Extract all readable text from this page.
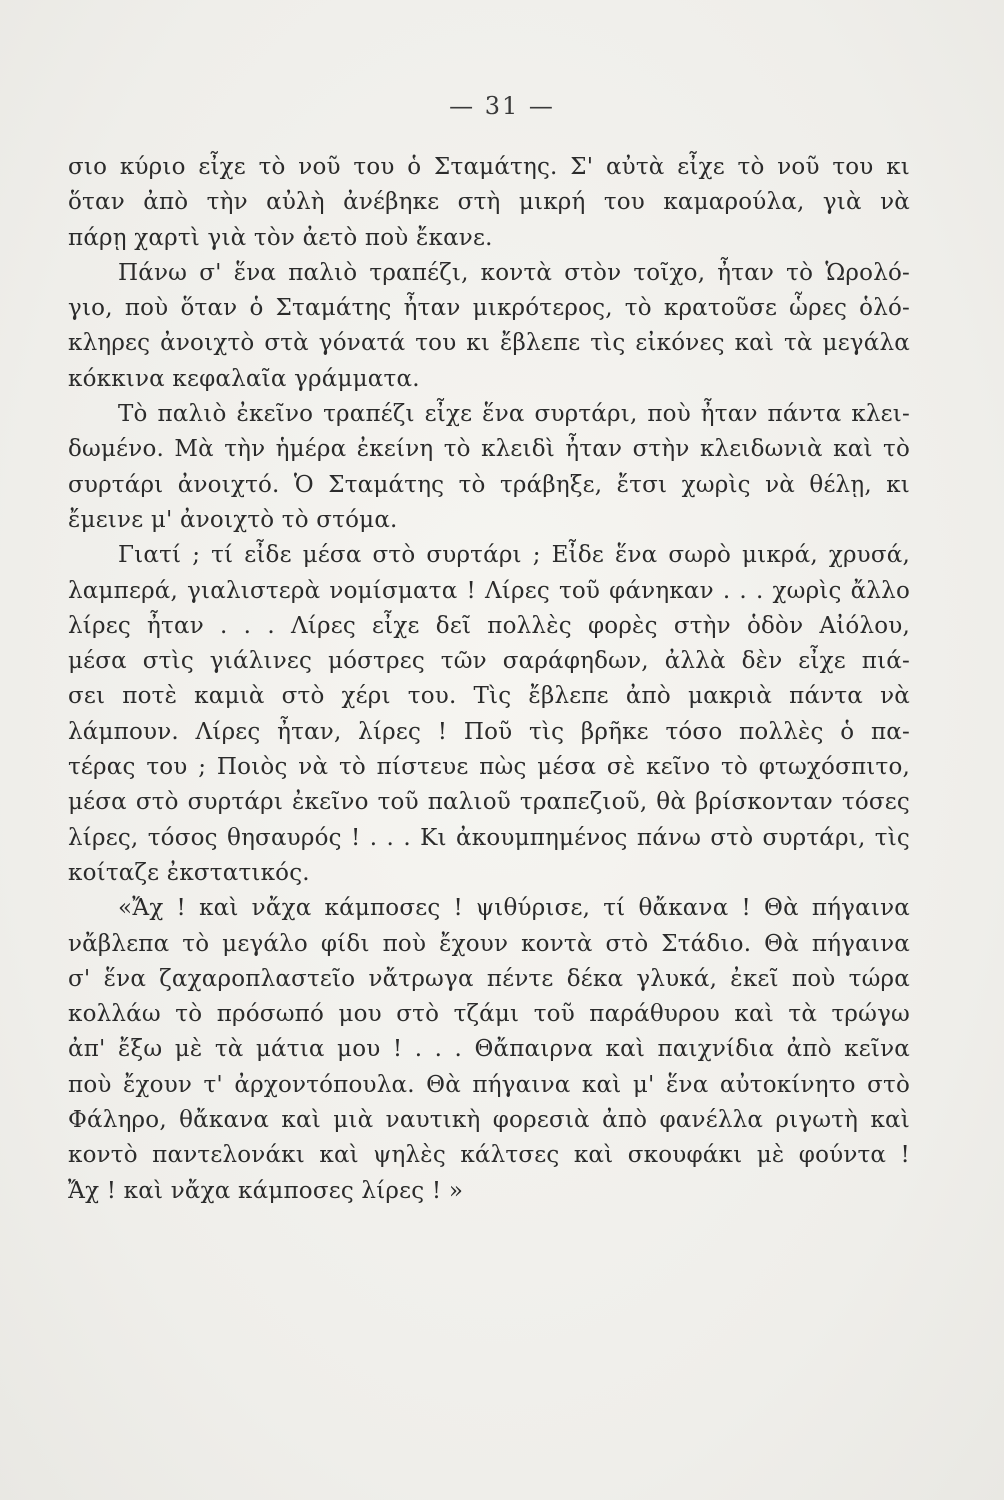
— 31 —
σιο κύριο εἶχε τὸ νοῦ του ὁ Σταμάτης. Σ' αὐτὰ εἶχε τὸ νοῦ του κι
ὅταν ἀπὸ τὴν αὐλὴ ἀνέβηκε στὴ μικρή του καμαρούλα, γιὰ νὰ
πάρῃ χαρτὶ γιὰ τὸν ἀετὸ ποὺ ἔκανε.
Πάνω σ' ἕνα παλιὸ τραπέζι, κοντὰ στὸν τοῖχο, ἦταν τὸ Ὡρολό-
γιο, ποὺ ὅταν ὁ Σταμάτης ἦταν μικρότερος, τὸ κρατοῦσε ὧρες ὁλό-
κληρες ἀνοιχτὸ στὰ γόνατά του κι ἔβλεπε τὶς εἰκόνες καὶ τὰ μεγάλα
κόκκινα κεφαλαῖα γράμματα.
Τὸ παλιὸ ἐκεῖνο τραπέζι εἶχε ἕνα συρτάρι, ποὺ ἦταν πάντα κλει-
δωμένο. Μὰ τὴν ἡμέρα ἐκείνη τὸ κλειδὶ ἦταν στὴν κλειδωνιὰ καὶ τὸ
συρτάρι ἀνοιχτό. Ὁ Σταμάτης τὸ τράβηξε, ἔτσι χωρὶς νὰ θέλῃ, κι
ἔμεινε μ' ἀνοιχτὸ τὸ στόμα.
Γιατί ; τί εἶδε μέσα στὸ συρτάρι ; Εἶδε ἕνα σωρὸ μικρά, χρυσά,
λαμπερά, γιαλιστερὰ νομίσματα ! Λίρες τοῦ φάνηκαν . . . χωρὶς ἄλλο
λίρες ἦταν . . . Λίρες εἶχε δεῖ πολλὲς φορὲς στὴν ὁδὸν Αἰόλου,
μέσα στὶς γιάλινες μόστρες τῶν σαράφηδων, ἀλλὰ δὲν εἶχε πιά-
σει ποτὲ καμιὰ στὸ χέρι του. Τὶς ἔβλεπε ἀπὸ μακριὰ πάντα νὰ
λάμπουν. Λίρες ἦταν, λίρες ! Ποῦ τὶς βρῆκε τόσο πολλὲς ὁ πα-
τέρας του ; Ποιὸς νὰ τὸ πίστευε πὼς μέσα σὲ κεῖνο τὸ φτωχόσπιτο,
μέσα στὸ συρτάρι ἐκεῖνο τοῦ παλιοῦ τραπεζιοῦ, θὰ βρίσκονταν τόσες
λίρες, τόσος θησαυρός ! . . . Κι ἀκουμπημένος πάνω στὸ συρτάρι, τὶς
κοίταζε ἐκστατικός.
«Ἄχ ! καὶ νἄχα κάμποσες ! ψιθύρισε, τί θἄκανα ! Θὰ πήγαινα
νἄβλεπα τὸ μεγάλο φίδι ποὺ ἔχουν κοντὰ στὸ Στάδιο. Θὰ πήγαινα
σ' ἕνα ζαχαροπλαστεῖο νἄτρωγα πέντε δέκα γλυκά, ἐκεῖ ποὺ τώρα
κολλάω τὸ πρόσωπό μου στὸ τζάμι τοῦ παράθυρου καὶ τὰ τρώγω
ἀπ' ἔξω μὲ τὰ μάτια μου ! . . . Θἄπαιρνα καὶ παιχνίδια ἀπὸ κεῖνα
ποὺ ἔχουν τ' ἀρχοντόπουλα. Θὰ πήγαινα καὶ μ' ἕνα αὐτοκίνητο στὸ
Φάληρο, θἄκανα καὶ μιὰ ναυτικὴ φορεσιὰ ἀπὸ φανέλλα ριγωτὴ καὶ
κοντὸ παντελονάκι καὶ ψηλὲς κάλτσες καὶ σκουφάκι μὲ φούντα !
Ἄχ ! καὶ νἄχα κάμποσες λίρες ! »
